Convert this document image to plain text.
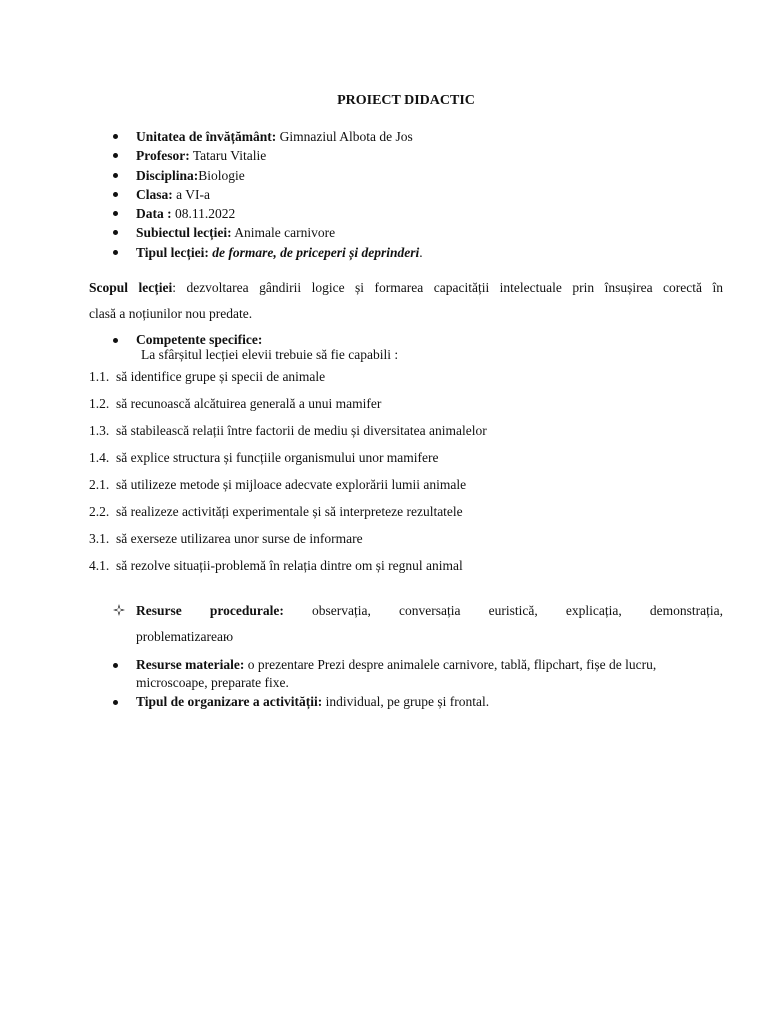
PROIECT DIDACTIC
Unitatea de învățământ: Gimnaziul Albota de Jos
Profesor: Tataru Vitalie
Disciplina:Biologie
Clasa: a VI-a
Data : 08.11.2022
Subiectul lecției: Animale carnivore
Tipul lecției: de formare, de priceperi și deprinderi.
Scopul lecției: dezvoltarea gândirii logice și formarea capacității intelectuale prin însușirea corectă în
clasă a noțiunilor nou predate.
Competente specifice:
La sfârșitul lecției elevii trebuie să fie capabili :
1.1. să identifice grupe și specii de animale
1.2. să recunoască alcătuirea generală a unui mamifer
1.3. să stabilească relații între factorii de mediu și diversitatea animalelor
1.4. să explice structura și funcțiile organismului unor mamifere
2.1. să utilizeze metode și mijloace adecvate explorării lumii animale
2.2. să realizeze activități experimentale și să interpreteze rezultatele
3.1. să exerseze utilizarea unor surse de informare
4.1. să rezolve situații-problemă în relația dintre om și regnul animal
Resurse procedurale: observația, conversația euristică, explicația, demonstrația,
problematizareaю
Resurse materiale: o prezentare Prezi despre animalele carnivore, tablă, flipchart, fișe de lucru,
microscoape, preparate fixe.
Tipul de organizare a activității: individual, pe grupe și frontal.
